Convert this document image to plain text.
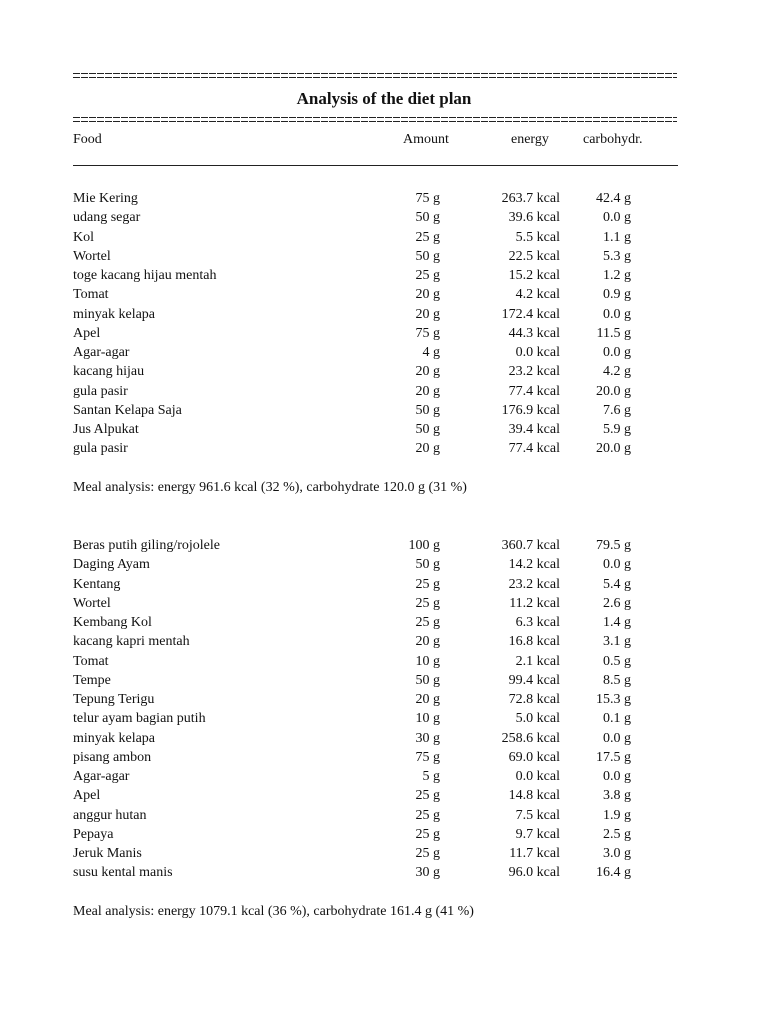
Analysis of the diet plan
Food	Amount	energy carbohydr.
Mie Kering	75 g	263.7 kcal	42.4 g
udang segar	50 g	39.6 kcal	0.0 g
Kol	25 g	5.5 kcal	1.1 g
Wortel	50 g	22.5 kcal	5.3 g
toge kacang hijau mentah	25 g	15.2 kcal	1.2 g
Tomat	20 g	4.2 kcal	0.9 g
minyak kelapa	20 g	172.4 kcal	0.0 g
Apel	75 g	44.3 kcal	11.5 g
Agar-agar	4 g	0.0 kcal	0.0 g
kacang hijau	20 g	23.2 kcal	4.2 g
gula pasir	20 g	77.4 kcal	20.0 g
Santan Kelapa Saja	50 g	176.9 kcal	7.6 g
Jus Alpukat	50 g	39.4 kcal	5.9 g
gula pasir	20 g	77.4 kcal	20.0 g
Meal analysis: energy 961.6 kcal (32 %), carbohydrate 120.0 g (31 %)
Beras putih giling/rojolele	100 g	360.7 kcal	79.5 g
Daging Ayam	50 g	14.2 kcal	0.0 g
Kentang	25 g	23.2 kcal	5.4 g
Wortel	25 g	11.2 kcal	2.6 g
Kembang Kol	25 g	6.3 kcal	1.4 g
kacang kapri mentah	20 g	16.8 kcal	3.1 g
Tomat	10 g	2.1 kcal	0.5 g
Tempe	50 g	99.4 kcal	8.5 g
Tepung Terigu	20 g	72.8 kcal	15.3 g
telur ayam bagian putih	10 g	5.0 kcal	0.1 g
minyak kelapa	30 g	258.6 kcal	0.0 g
pisang ambon	75 g	69.0 kcal	17.5 g
Agar-agar	5 g	0.0 kcal	0.0 g
Apel	25 g	14.8 kcal	3.8 g
anggur hutan	25 g	7.5 kcal	1.9 g
Pepaya	25 g	9.7 kcal	2.5 g
Jeruk Manis	25 g	11.7 kcal	3.0 g
susu kental manis	30 g	96.0 kcal	16.4 g
Meal analysis: energy 1079.1 kcal (36 %), carbohydrate 161.4 g (41 %)
